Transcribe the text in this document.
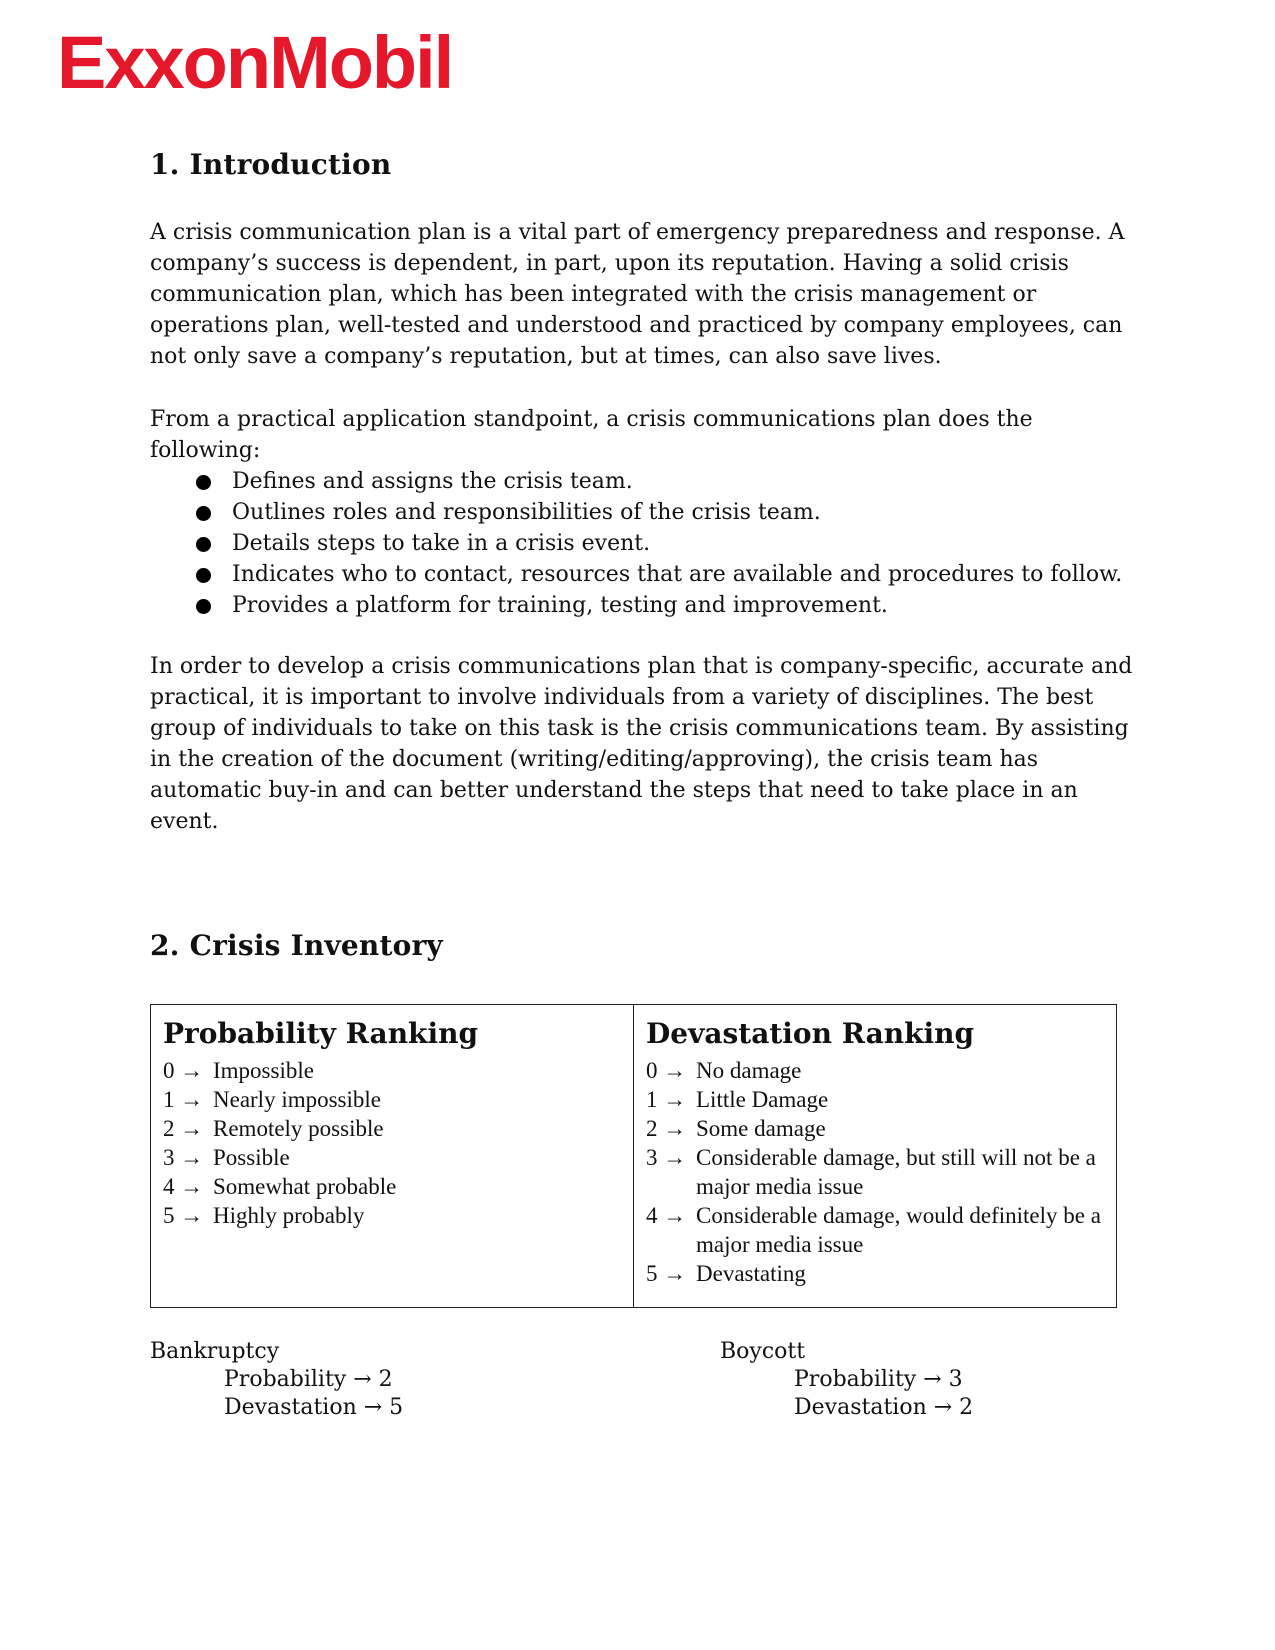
ExxonMobil
1. Introduction

A crisis communication plan is a vital part of emergency preparedness and response. A company’s success is dependent, in part, upon its reputation. Having a solid crisis communication plan, which has been integrated with the crisis management or operations plan, well-tested and understood and practiced by company employees, can not only save a company’s reputation, but at times, can also save lives.

From a practical application standpoint, a crisis communications plan does the following:

Defines and assigns the crisis team.
Outlines roles and responsibilities of the crisis team.
Details steps to take in a crisis event.
Indicates who to contact, resources that are available and procedures to follow.
Provides a platform for training, testing and improvement.

In order to develop a crisis communications plan that is company-specific, accurate and practical, it is important to involve individuals from a variety of disciplines. The best group of individuals to take on this task is the crisis communications team. By assisting in the creation of the document (writing/editing/approving), the crisis team has automatic buy-in and can better understand the steps that need to take place in an event.

2. Crisis Inventory
Probability Ranking
0 → Impossible
1 → Nearly impossible
2 → Remotely possible
3 → Possible
4 → Somewhat probable
5 → Highly probably

Devastation Ranking
0 → No damage
1 → Little Damage
2 → Some damage
3 → Considerable damage, but still will not be a major media issue
4 → Considerable damage, would definitely be a major media issue
5 → Devastating
Bankruptcy
Probability → 2
Devastation → 5
Boycott
Probability → 3
Devastation → 2
